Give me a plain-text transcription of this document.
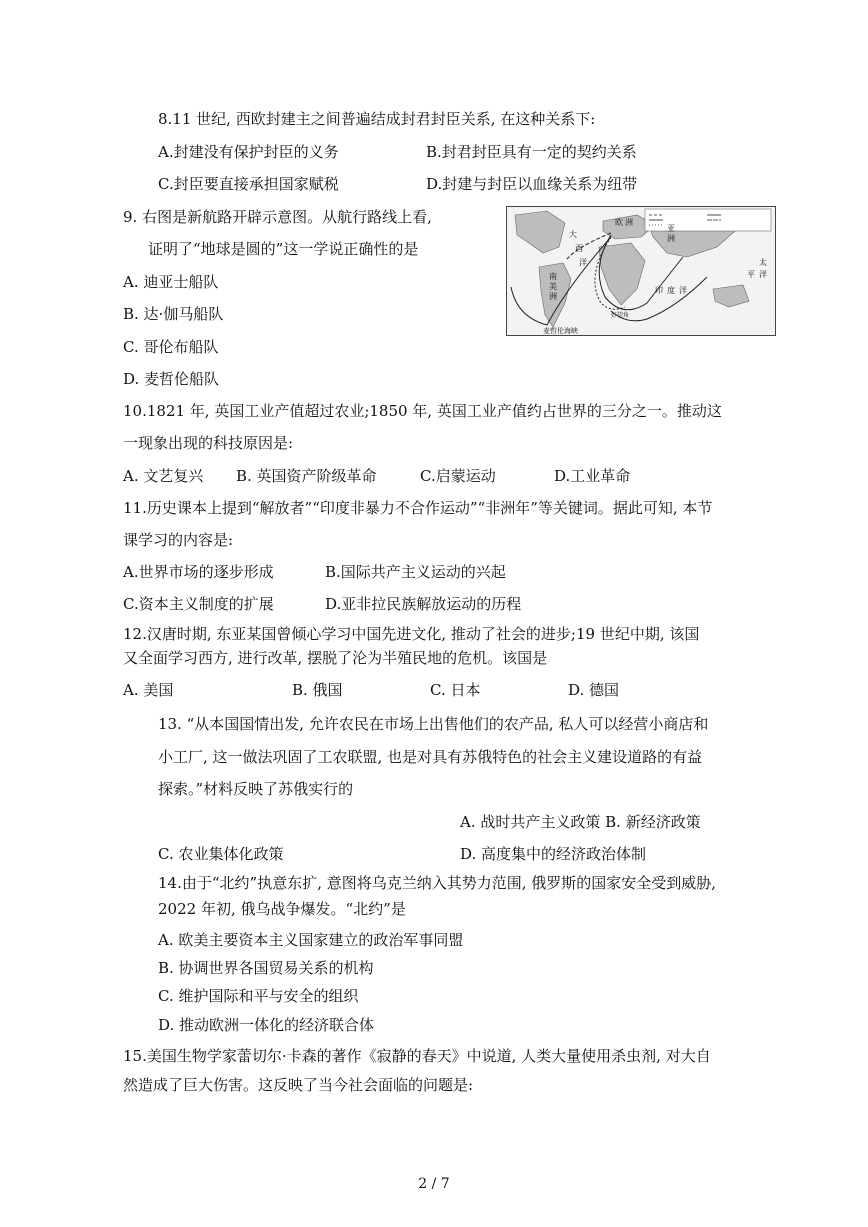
8.11 世纪, 西欧封建主之间普遍结成封君封臣关系, 在这种关系下:
A.封建没有保护封臣的义务	B.封君封臣具有一定的契约关系
C.封臣要直接承担国家赋税	D.封建与封臣以血缘关系为纽带
9. 右图是新航路开辟示意图。从航行路线上看,
证明了“地球是圆的”这一学说正确性的是
A. 迪亚士船队
B. 达·伽马船队
C. 哥伦布船队
D. 麦哲伦船队
欧 洲
亚
洲
大
西
洋
南
美
洲
印 度 洋
太
平 洋
麦哲伦海峡
好望角
10.1821 年, 英国工业产值超过农业;1850 年, 英国工业产值约占世界的三分之一。推动这
一现象出现的科技原因是:
A. 文艺复兴 B. 英国资产阶级革命	C.启蒙运动	D.工业革命
11.历史课本上提到“解放者”“印度非暴力不合作运动”“非洲年”等关键词。据此可知, 本节
课学习的内容是:
A.世界市场的逐步形成	B.国际共产主义运动的兴起
C.资本主义制度的扩展	D.亚非拉民族解放运动的历程
12.汉唐时期, 东亚某国曾倾心学习中国先进文化, 推动了社会的进步;19 世纪中期, 该国
又全面学习西方, 进行改革, 摆脱了沦为半殖民地的危机。该国是
A. 美国	B. 俄国	C. 日本	D. 德国
13. “从本国国情出发, 允许农民在市场上出售他们的农产品, 私人可以经营小商店和
小工厂, 这一做法巩固了工农联盟, 也是对具有苏俄特色的社会主义建设道路的有益
探索。”材料反映了苏俄实行的
A. 战时共产主义政策 B. 新经济政策
C. 农业集体化政策	D. 高度集中的经济政治体制
14.由于“北约”执意东扩, 意图将乌克兰纳入其势力范围, 俄罗斯的国家安全受到威胁,
2022 年初, 俄乌战争爆发。“北约”是
A. 欧美主要资本主义国家建立的政治军事同盟
B. 协调世界各国贸易关系的机构
C. 维护国际和平与安全的组织
D. 推动欧洲一体化的经济联合体
15.美国生物学家蕾切尔·卡森的著作《寂静的春天》中说道, 人类大量使用杀虫剂, 对大自
然造成了巨大伤害。这反映了当今社会面临的问题是:
2 / 7
